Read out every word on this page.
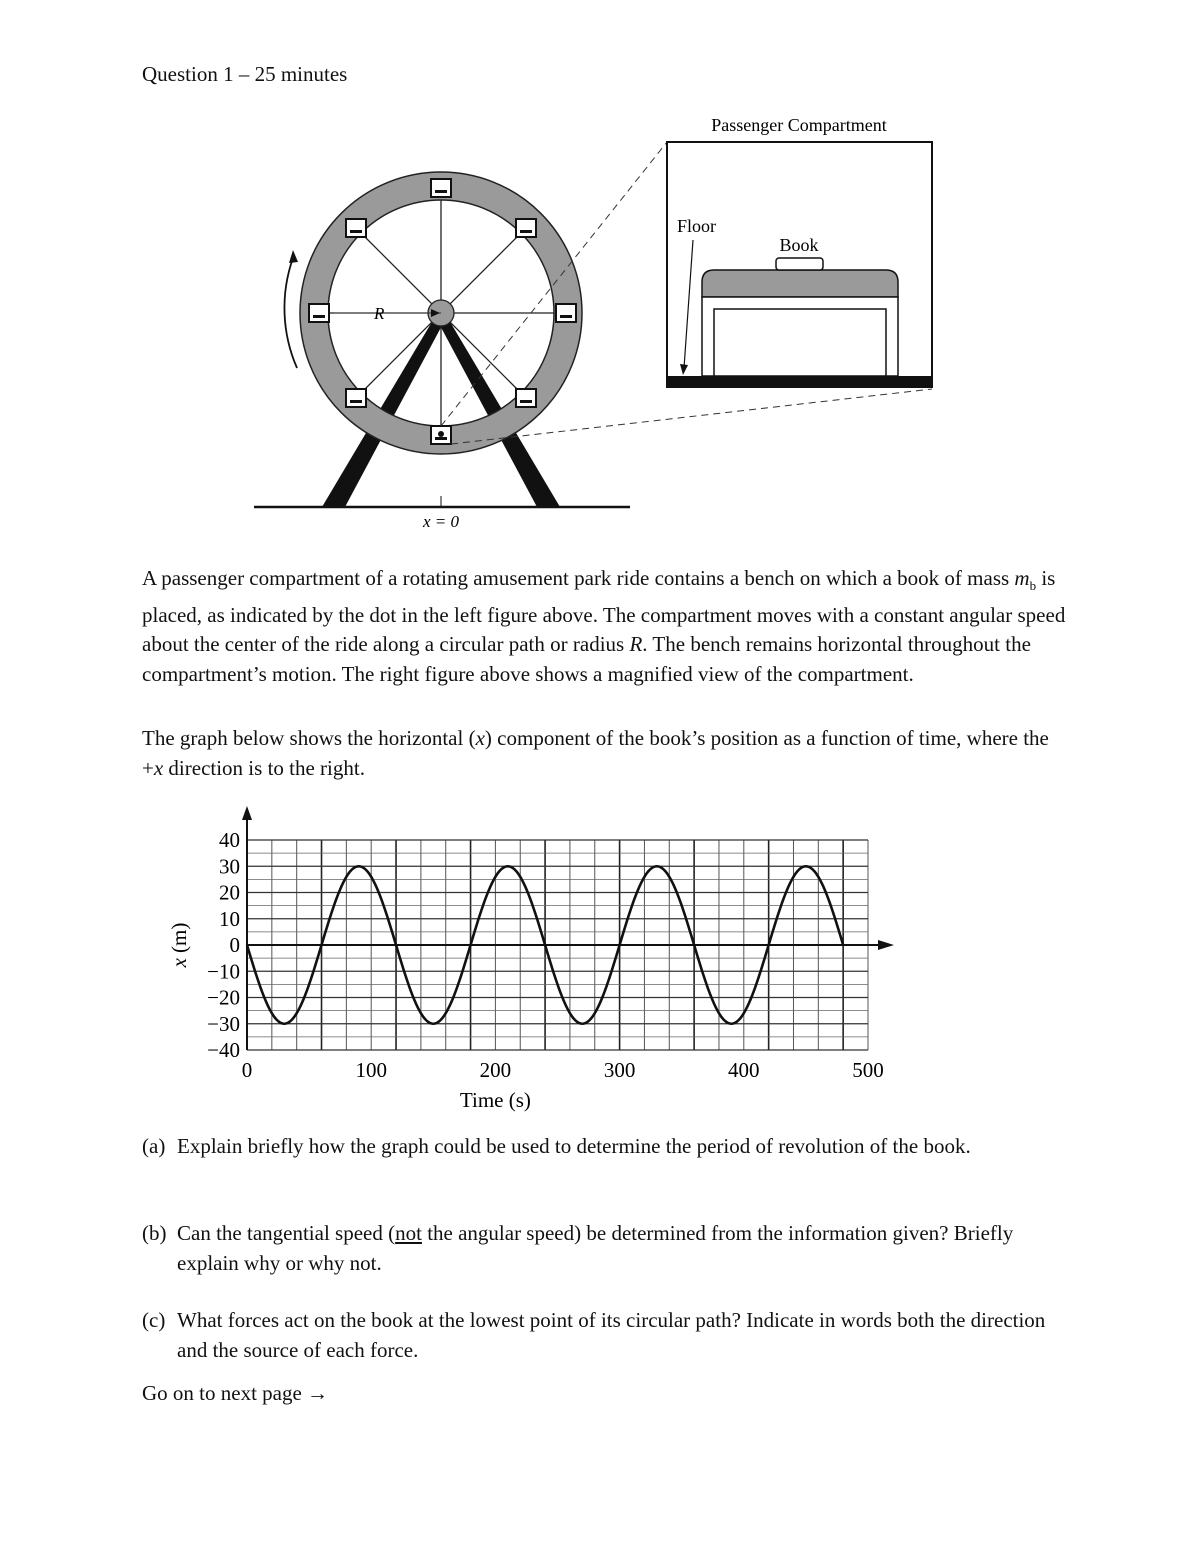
Question 1 – 25 minutes
R
Passenger Compartment
Floor
Book
x = 0
A passenger compartment of a rotating amusement park ride contains a bench on which a book of mass $m_b$ is placed, as indicated by the dot in the left figure above. The compartment moves with a constant angular speed about the center of the ride along a circular path or radius R. The bench remains horizontal throughout the compartment’s motion. The right figure above shows a magnified view of the compartment.
The graph below shows the horizontal (x) component of the book’s position as a function of time, where the +x direction is to the right.
0	100	200	300	400	500
40
30
20
10
0
−10
−20
−30
−40
Time (s)
x(m)
(a) Explain briefly how the graph could be used to determine the period of revolution of the book.
(b) Can the tangential speed (not the angular speed) be determined from the information given? Briefly explain why or why not.
(c) What forces act on the book at the lowest point of its circular path? Indicate in words both the direction and the source of each force.
Go on to next page →
